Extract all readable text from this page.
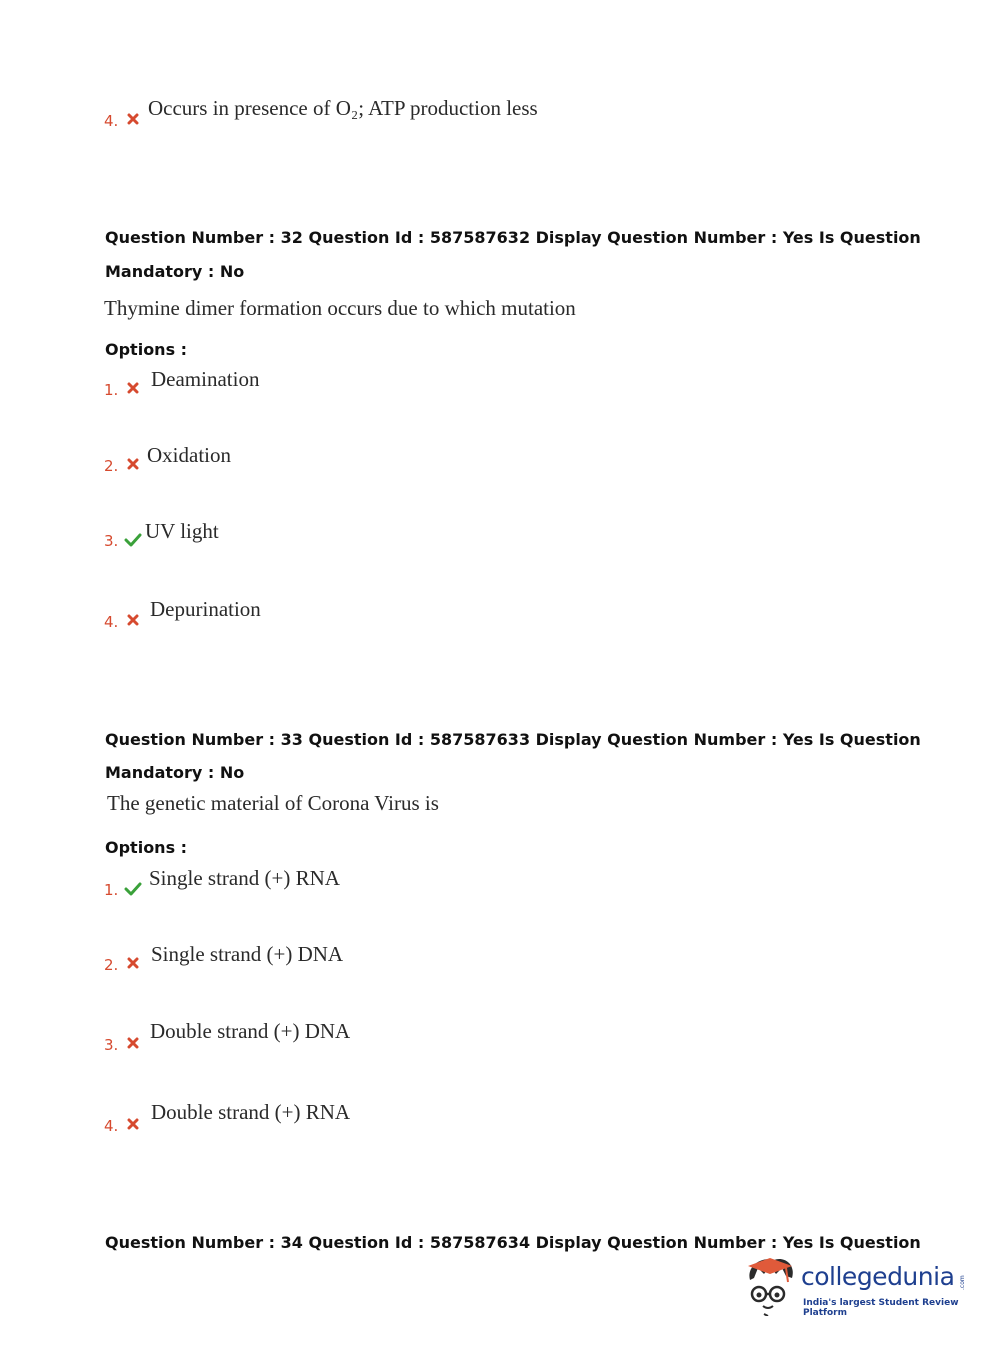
4.
Occurs in presence of O₂; ATP production less
Question Number : 32 Question Id : 587587632 Display Question Number : Yes Is Question
Mandatory : No
Thymine dimer formation occurs due to which mutation
Options :
1. Deamination
2. Oxidation
3. UV light
4.
Depurination
Question Number : 33 Question Id : 587587633 Display Question Number : Yes Is Question
Mandatory : No
The genetic material of Corona Virus is
Options :
1. Single strand (+) RNA
2. Single strand (+) DNA
3.
Double strand (+) DNA
4.
Double strand (+) RNA
Question Number : 34 Question Id : 587587634 Display Question Number : Yes Is Question
collegedunia .com
India's largest Student Review Platform
